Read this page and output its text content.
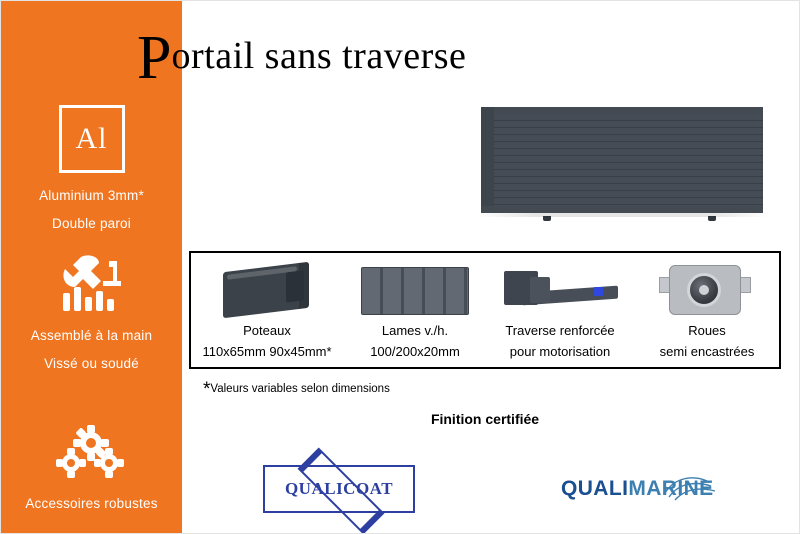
Al
Aluminium 3mm*
Double paroi
Assemblé à la main
Vissé ou soudé
Accessoires robustes
Portail sans traverse
Poteaux
110x65mm 90x45mm*
Lames v./h.
100/200x20mm
Traverse renforcée
pour motorisation
Roues
semi encastrées
*Valeurs variables selon dimensions
Finition certifiée
QUALICOAT	QUALIMARINE
